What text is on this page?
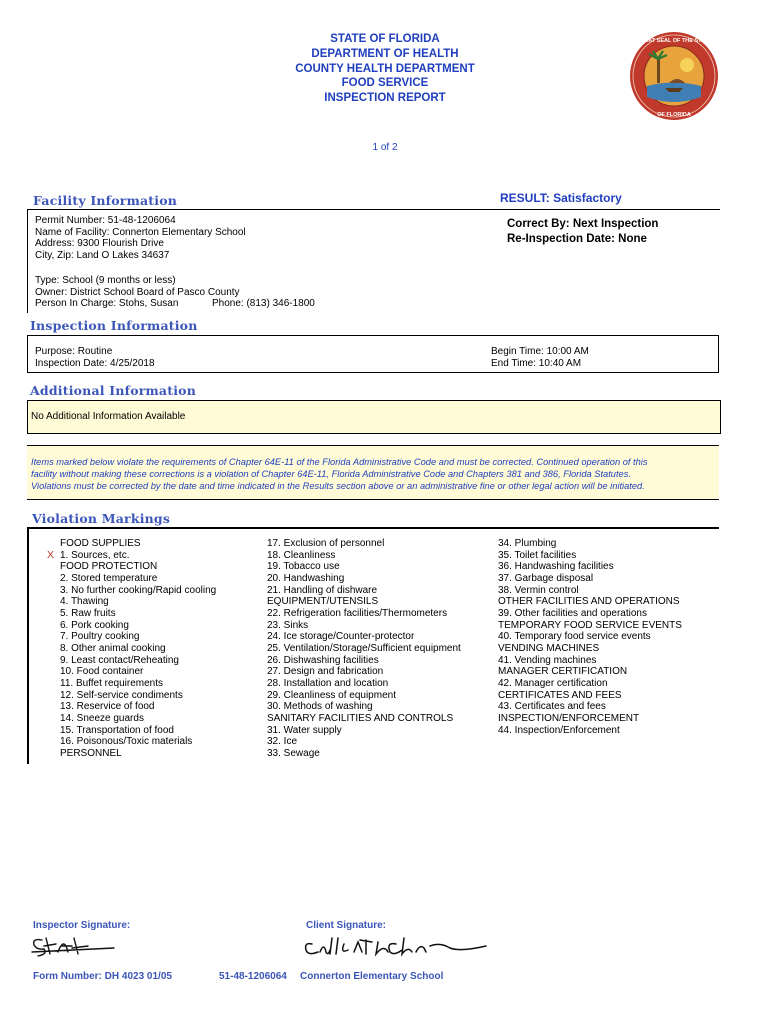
STATE OF FLORIDA
DEPARTMENT OF HEALTH
COUNTY HEALTH DEPARTMENT
FOOD SERVICE
INSPECTION REPORT
1 of 2
GREAT SEAL OF THE STATE
OF FLORIDA
Facility Information	RESULT: Satisfactory
Permit Number: 51-48-1206064
Name of Facility: Connerton Elementary School
Address: 9300 Flourish Drive
City, Zip: Land O Lakes 34637
Correct By: Next Inspection
Re-Inspection Date: None
Type: School (9 months or less)
Owner: District School Board of Pasco County
Person In Charge: Stohs, Susan	Phone: (813) 346-1800
Inspection Information
Purpose: Routine
Inspection Date: 4/25/2018
Begin Time: 10:00 AM
End Time: 10:40 AM
Additional Information
No Additional Information Available
Items marked below violate the requirements of Chapter 64E-11 of the Florida Administrative Code and must be corrected. Continued operation of this
facility without making these corrections is a violation of Chapter 64E-11, Florida Administrative Code and Chapters 381 and 386, Florida Statutes.
Violations must be corrected by the date and time indicated in the Results section above or an administrative fine or other legal action will be initiated.
Violation Markings
X
FOOD SUPPLIES
1. Sources, etc.
FOOD PROTECTION
2. Stored temperature
3. No further cooking/Rapid cooling
4. Thawing
5. Raw fruits
6. Pork cooking
7. Poultry cooking
8. Other animal cooking
9. Least contact/Reheating
10. Food container
11. Buffet requirements
12. Self-service condiments
13. Reservice of food
14. Sneeze guards
15. Transportation of food
16. Poisonous/Toxic materials
PERSONNEL
17. Exclusion of personnel
18. Cleanliness
19. Tobacco use
20. Handwashing
21. Handling of dishware
EQUIPMENT/UTENSILS
22. Refrigeration facilities/Thermometers
23. Sinks
24. Ice storage/Counter-protector
25. Ventilation/Storage/Sufficient equipment
26. Dishwashing facilities
27. Design and fabrication
28. Installation and location
29. Cleanliness of equipment
30. Methods of washing
SANITARY FACILITIES AND CONTROLS
31. Water supply
32. Ice
33. Sewage
34. Plumbing
35. Toilet facilities
36. Handwashing facilities
37. Garbage disposal
38. Vermin control
OTHER FACILITIES AND OPERATIONS
39. Other facilities and operations
TEMPORARY FOOD SERVICE EVENTS
40. Temporary food service events
VENDING MACHINES
41. Vending machines
MANAGER CERTIFICATION
42. Manager certification
CERTIFICATES AND FEES
43. Certificates and fees
INSPECTION/ENFORCEMENT
44. Inspection/Enforcement
Inspector Signature:	Client Signature:
Form Number: DH 4023 01/05	51-48-1206064 Connerton Elementary School
